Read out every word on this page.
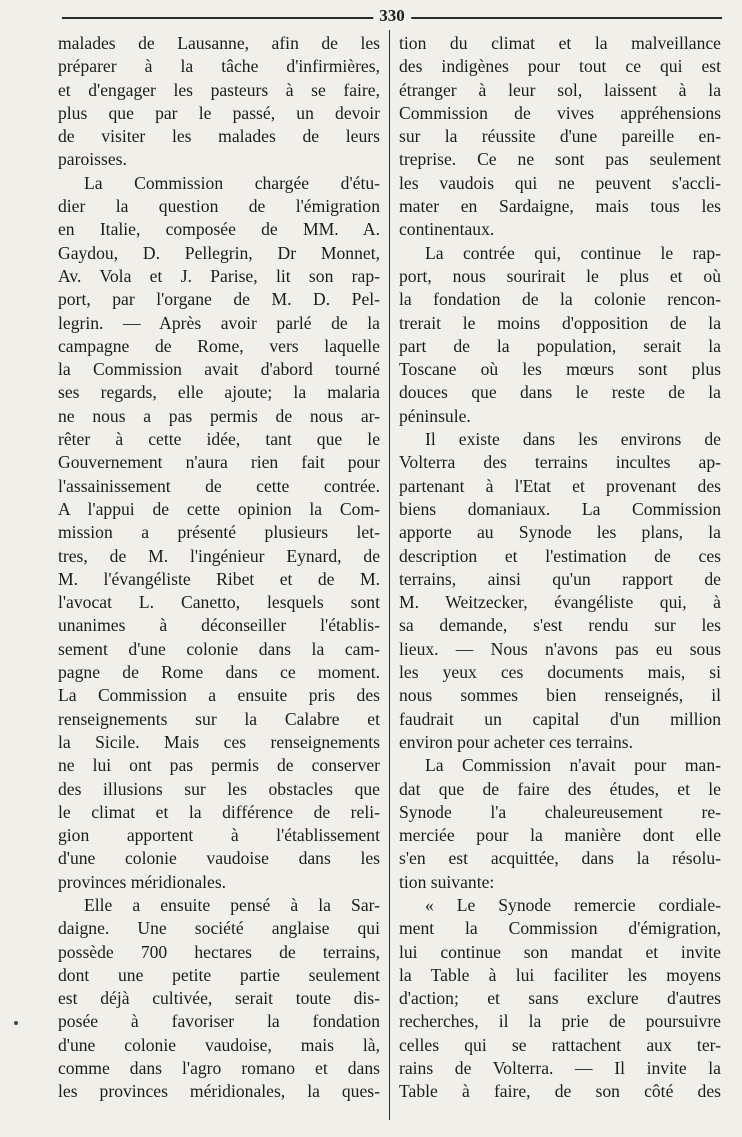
330
malades de Lausanne, afin de les
préparer à la tâche d'infirmières,
et d'engager les pasteurs à se faire,
plus que par le passé, un devoir
de visiter les malades de leurs
paroisses.
La Commission chargée d'étu-
dier la question de l'émigration
en Italie, composée de MM. A.
Gaydou, D. Pellegrin, Dr Monnet,
Av. Vola et J. Parise, lit son rap-
port, par l'organe de M. D. Pel-
legrin. — Après avoir parlé de la
campagne de Rome, vers laquelle
la Commission avait d'abord tourné
ses regards, elle ajoute; la malaria
ne nous a pas permis de nous ar-
rêter à cette idée, tant que le
Gouvernement n'aura rien fait pour
l'assainissement de cette contrée.
A l'appui de cette opinion la Com-
mission a présenté plusieurs let-
tres, de M. l'ingénieur Eynard, de
M. l'évangéliste Ribet et de M.
l'avocat L. Canetto, lesquels sont
unanimes à déconseiller l'établis-
sement d'une colonie dans la cam-
pagne de Rome dans ce moment.
La Commission a ensuite pris des
renseignements sur la Calabre et
la Sicile. Mais ces renseignements
ne lui ont pas permis de conserver
des illusions sur les obstacles que
le climat et la différence de reli-
gion apportent à l'établissement
d'une colonie vaudoise dans les
provinces méridionales.
Elle a ensuite pensé à la Sar-
daigne. Une société anglaise qui
possède 700 hectares de terrains,
dont une petite partie seulement
est déjà cultivée, serait toute dis-
posée à favoriser la fondation
d'une colonie vaudoise, mais là,
comme dans l'agro romano et dans
les provinces méridionales, la ques-
tion du climat et la malveillance
des indigènes pour tout ce qui est
étranger à leur sol, laissent à la
Commission de vives appréhensions
sur la réussite d'une pareille en-
treprise. Ce ne sont pas seulement
les vaudois qui ne peuvent s'accli-
mater en Sardaigne, mais tous les
continentaux.
La contrée qui, continue le rap-
port, nous sourirait le plus et où
la fondation de la colonie rencon-
trerait le moins d'opposition de la
part de la population, serait la
Toscane où les mœurs sont plus
douces que dans le reste de la
péninsule.
Il existe dans les environs de
Volterra des terrains incultes ap-
partenant à l'Etat et provenant des
biens domaniaux. La Commission
apporte au Synode les plans, la
description et l'estimation de ces
terrains, ainsi qu'un rapport de
M. Weitzecker, évangéliste qui, à
sa demande, s'est rendu sur les
lieux. — Nous n'avons pas eu sous
les yeux ces documents mais, si
nous sommes bien renseignés, il
faudrait un capital d'un million
environ pour acheter ces terrains.
La Commission n'avait pour man-
dat que de faire des études, et le
Synode l'a chaleureusement re-
merciée pour la manière dont elle
s'en est acquittée, dans la résolu-
tion suivante:
« Le Synode remercie cordiale-
ment la Commission d'émigration,
lui continue son mandat et invite
la Table à lui faciliter les moyens
d'action; et sans exclure d'autres
recherches, il la prie de poursuivre
celles qui se rattachent aux ter-
rains de Volterra. — Il invite la
Table à faire, de son côté des
